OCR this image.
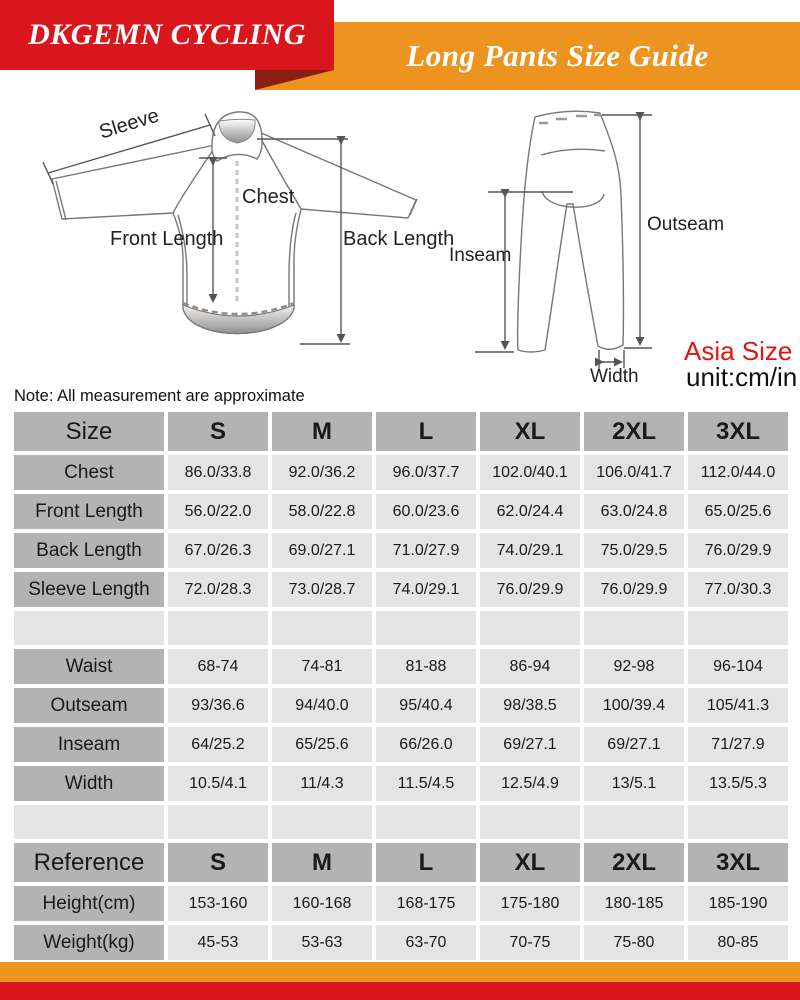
Long Pants Size Guide
DKGEMN CYCLING
Sleeve
Chest
Front Length	Back Length
Inseam
Outseam
Width
Asia Size
unit:cm/in
Note: All measurement are approximate
Size	S	M	L	XL	2XL	3XL
Chest	86.0/33.8	92.0/36.2	96.0/37.7	102.0/40.1	106.0/41.7	112.0/44.0
Front Length	56.0/22.0	58.0/22.8	60.0/23.6	62.0/24.4	63.0/24.8	65.0/25.6
Back Length	67.0/26.3	69.0/27.1	71.0/27.9	74.0/29.1	75.0/29.5	76.0/29.9
Sleeve Length	72.0/28.3	73.0/28.7	74.0/29.1	76.0/29.9	76.0/29.9	77.0/30.3
Waist	68-74	74-81	81-88	86-94	92-98	96-104
Outseam	93/36.6	94/40.0	95/40.4	98/38.5	100/39.4	105/41.3
Inseam	64/25.2	65/25.6	66/26.0	69/27.1	69/27.1	71/27.9
Width	10.5/4.1	11/4.3	11.5/4.5	12.5/4.9	13/5.1	13.5/5.3
Reference	S	M	L	XL	2XL	3XL
Height(cm)	153-160	160-168	168-175	175-180	180-185	185-190
Weight(kg)	45-53	53-63	63-70	70-75	75-80	80-85
